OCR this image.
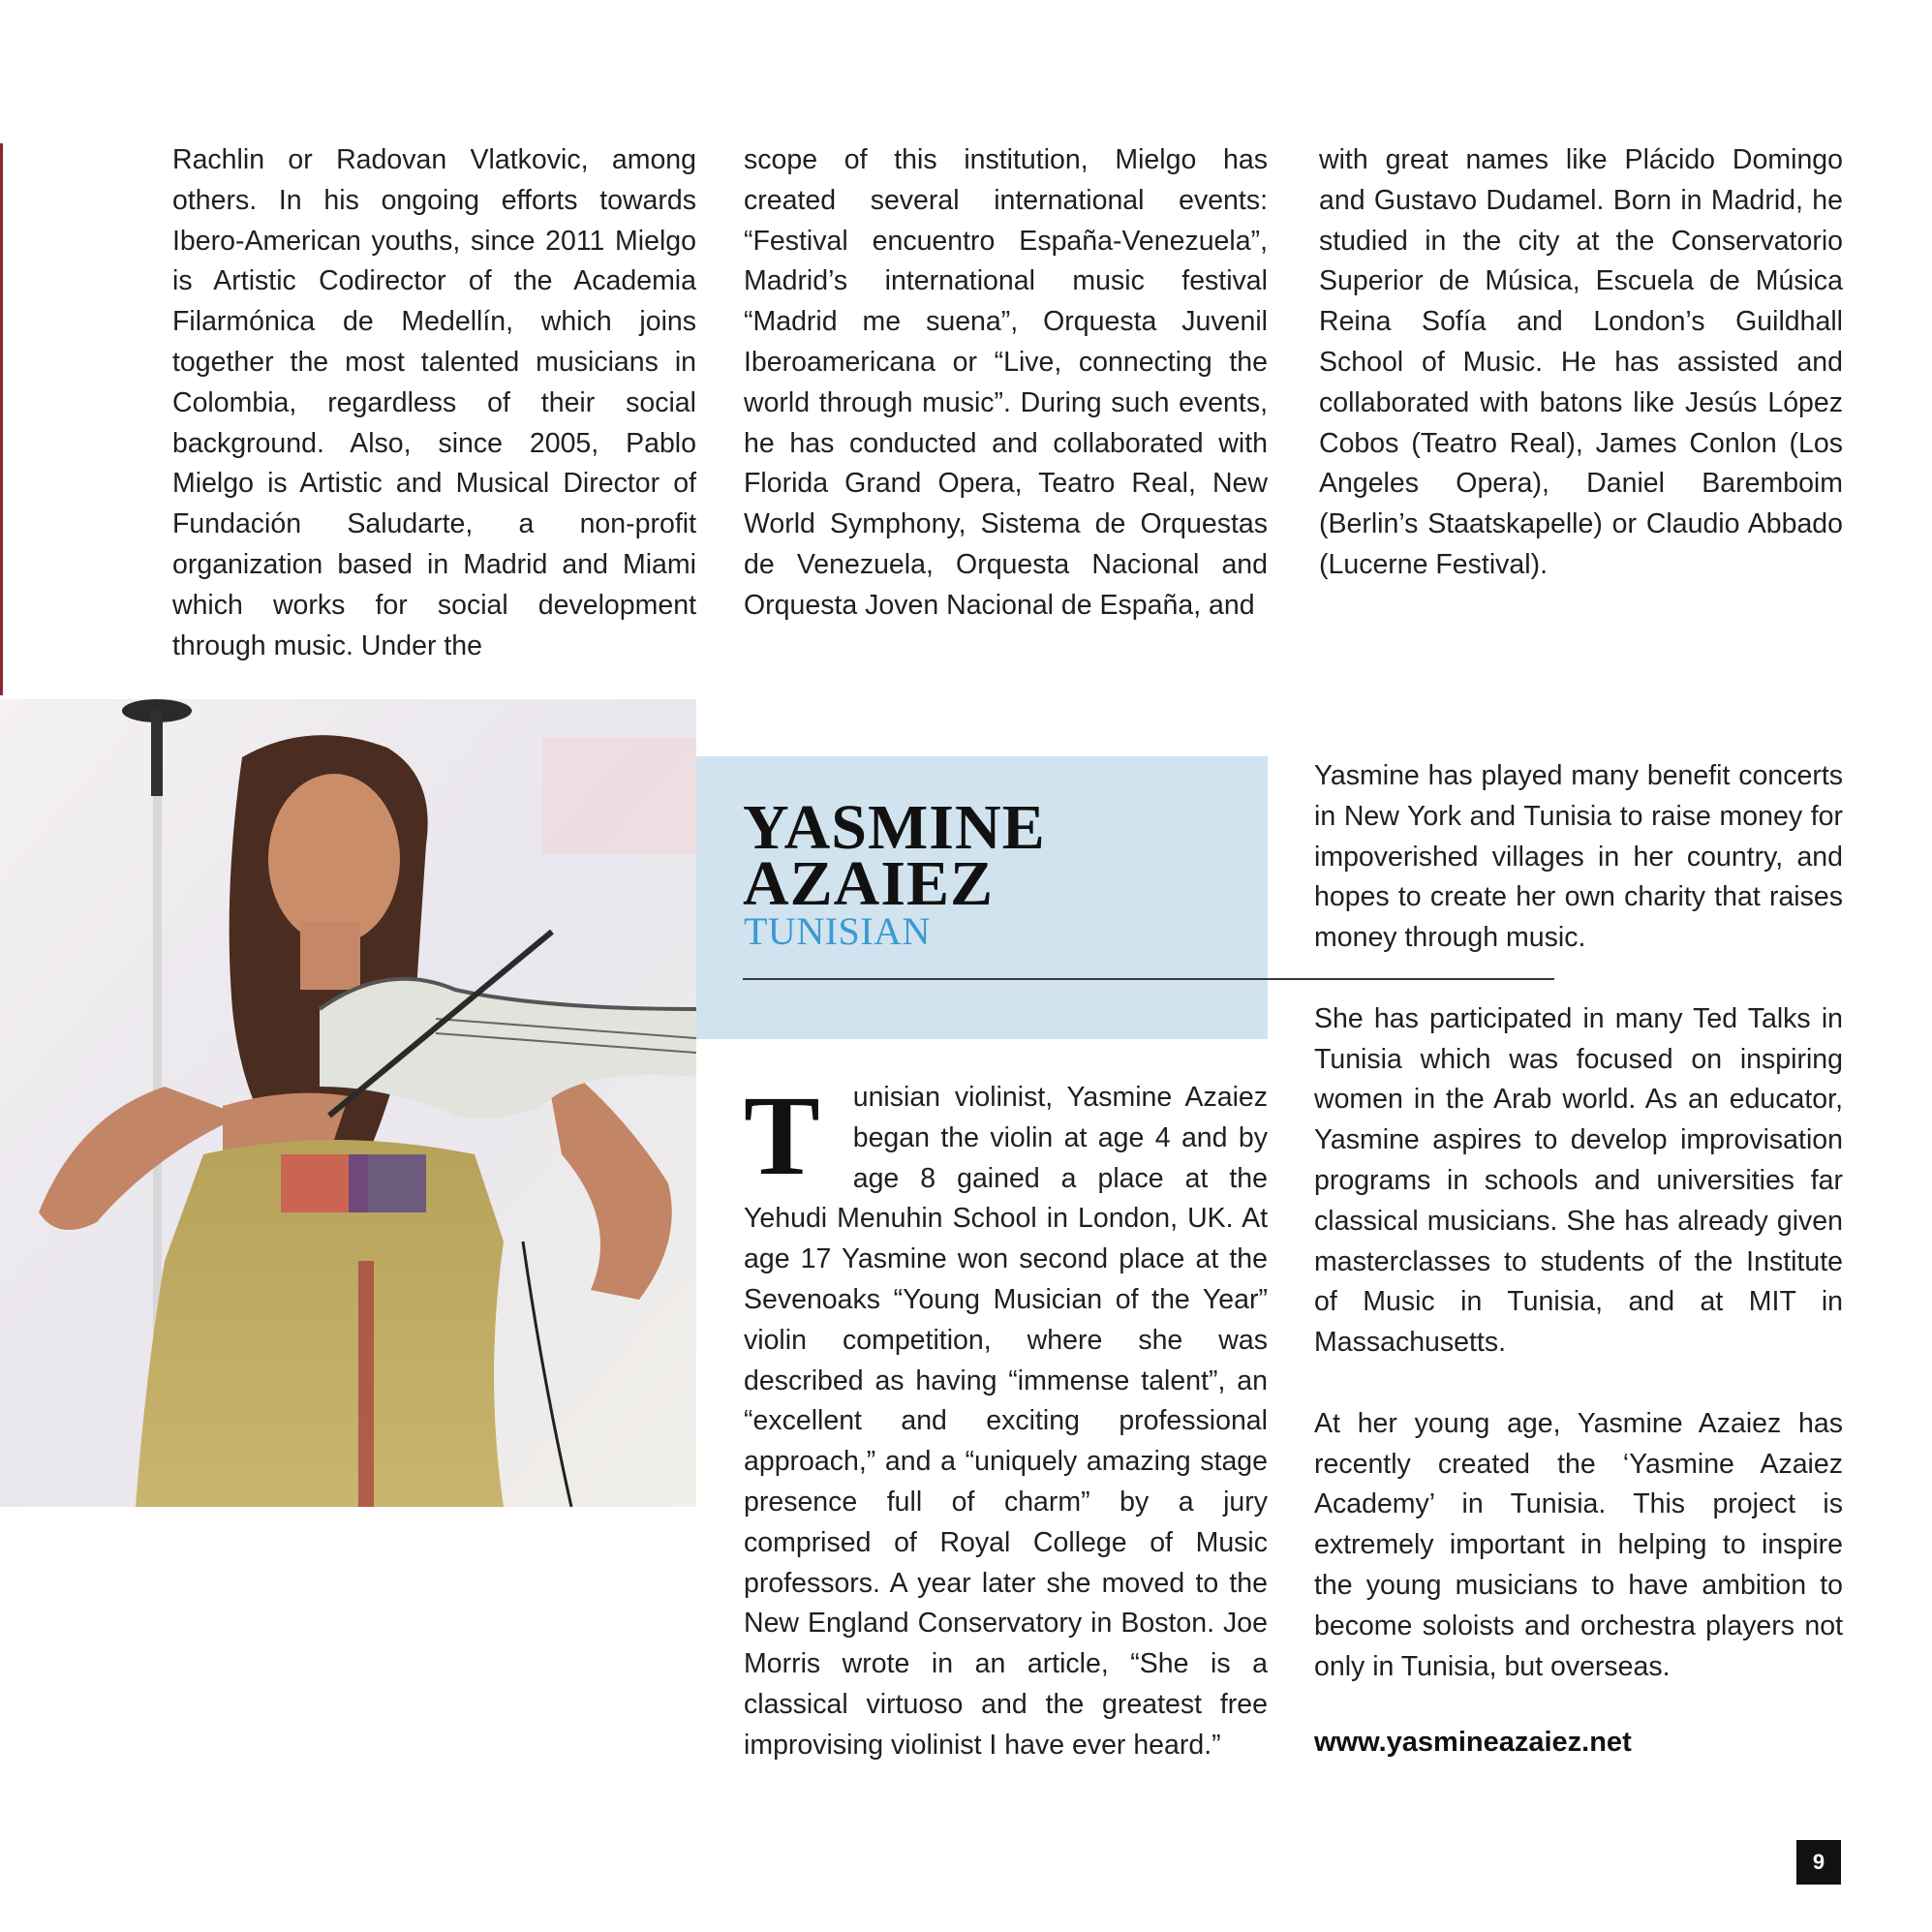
Rachlin or Radovan Vlatkovic, among others. In his ongoing efforts towards Ibero-American youths, since 2011 Mielgo is Artistic Codirector of the Academia Filarmónica de Medellín, which joins together the most talented musicians in Colombia, regardless of their social background. Also, since 2005, Pablo Mielgo is Artistic and Musical Director of Fundación Saludarte, a non-profit organization based in Madrid and Miami which works for social development through music. Under the

scope of this institution, Mielgo has created several international events: “Festival encuentro España-Venezuela”, Madrid’s international music festival “Madrid me suena”, Orquesta Juvenil Iberoamericana or “Live, connecting the world through music”. During such events, he has conducted and collaborated with Florida Grand Opera, Teatro Real, New World Symphony, Sistema de Orquestas de Venezuela, Orquesta Nacional and Orquesta Joven Nacional de España, and

with great names like Plácido Domingo and Gustavo Dudamel. Born in Madrid, he studied in the city at the Conservatorio Superior de Música, Escuela de Música Reina Sofía and London’s Guildhall School of Music. He has assisted and collaborated with batons like Jesús López Cobos (Teatro Real), James Conlon (Los Angeles Opera), Daniel Baremboim (Berlin’s Staatskapelle) or Claudio Abbado (Lucerne Festival).

YASMINE
AZAIEZ
TUNISIAN
T	unisian violinist, Yasmine Azaiez began the violin at age 4 and by age 8 gained a place at the Yehudi Menuhin School in London, UK. At age 17 Yasmine won second place at the Sevenoaks “Young Musician of the Year” violin competition, where she was described as having “immense talent”, an “excellent and exciting professional approach,” and a “uniquely amazing stage presence full of charm” by a jury comprised of Royal College of Music professors. A year later she moved to the New England Conservatory in Boston. Joe Morris wrote in an article, “She is a classical virtuoso and the greatest free improvising violinist I have ever heard.”

Yasmine has played many benefit concerts in New York and Tunisia to raise money for impoverished villages in her country, and hopes to create her own charity that raises money through music.

She has participated in many Ted Talks in Tunisia which was focused on inspiring women in the Arab world. As an educator, Yasmine aspires to develop improvisation programs in schools and universities far classical musicians. She has already given masterclasses to students of the Institute of Music in Tunisia, and at MIT in Massachusetts.

At her young age, Yasmine Azaiez has recently created the ‘Yasmine Azaiez Academy’ in Tunisia. This project is extremely important in helping to inspire the young musicians to have ambition to become soloists and orchestra players not only in Tunisia, but overseas.

www.yasmineazaiez.net
9
